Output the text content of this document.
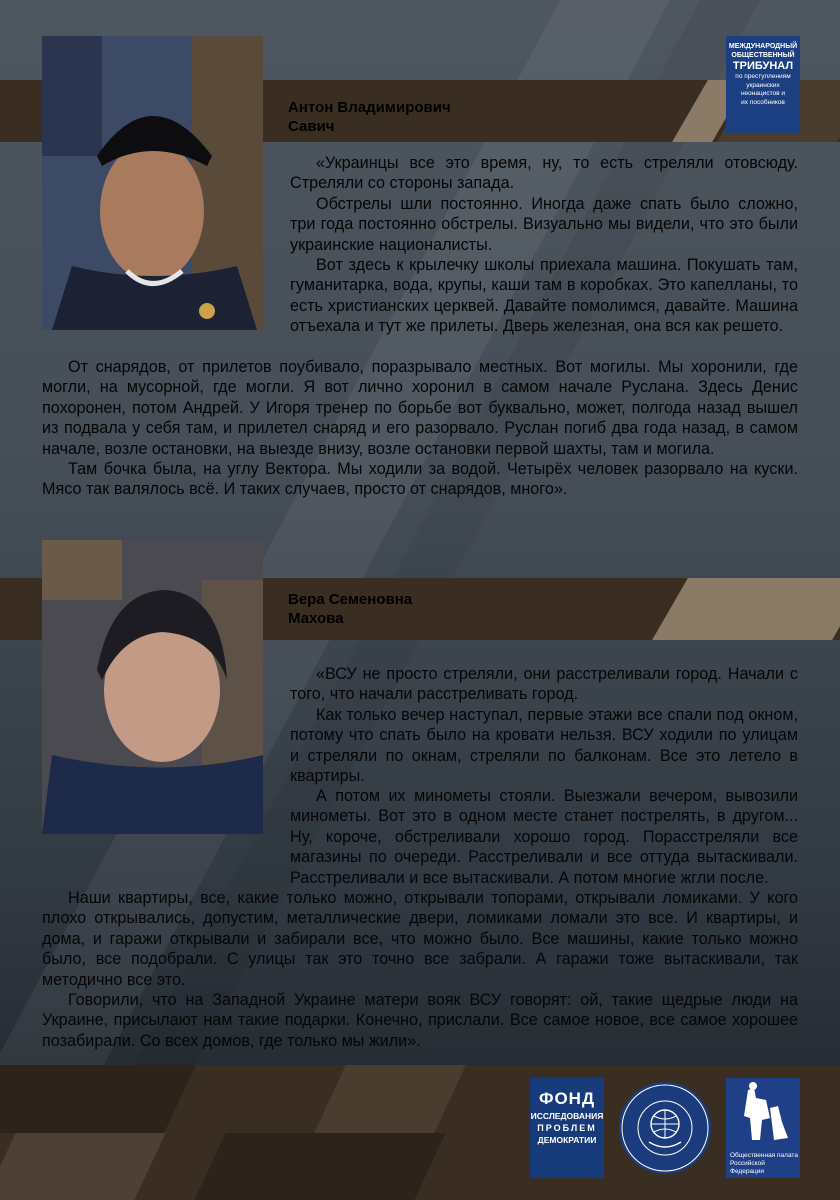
МЕЖДУНАРОДНЫЙ
ОБЩЕСТВЕННЫЙ
ТРИБУНАЛ
по преступлениям
украинских
неонацистов и
их пособников
Антон Владимирович
Савич

«Украинцы все это время, ну, то есть стреляли отовсюду. Стреляли со стороны запада.

Обстрелы шли постоянно. Иногда даже спать было сложно, три года постоянно обстрелы. Визуально мы видели, что это были украинские националисты.

Вот здесь к крылечку школы приехала машина. Покушать там, гуманитарка, вода, крупы, каши там в коробках. Это капелланы, то есть христианских церквей. Давайте помолимся, давайте. Машина отъехала и тут же прилеты. Дверь железная, она вся как решето.

От снарядов, от прилетов поубивало, поразрывало местных. Вот могилы. Мы хоронили, где могли, на мусорной, где могли. Я вот лично хоронил в самом начале Руслана. Здесь Денис похоронен, потом Андрей. У Игоря тренер по борьбе вот буквально, может, полгода назад вышел из подвала у себя там, и прилетел снаряд и его разорвало. Руслан погиб два года назад, в самом начале, возле остановки, на выезде внизу, возле остановки первой шахты, там и могила.

Там бочка была, на углу Вектора. Мы ходили за водой. Четырёх человек разорвало на куски. Мясо так валялось всё. И таких случаев, просто от снарядов, много».

Вера Семеновна
Махова

«ВСУ не просто стреляли, они расстреливали город. Начали с того, что начали расстреливать город.

Как только вечер наступал, первые этажи все спали под окном, потому что спать было на кровати нельзя. ВСУ ходили по улицам и стреляли по окнам, стреляли по балконам. Все это летело в квартиры.

А потом их минометы стояли. Выезжали вечером, вывозили минометы. Вот это в одном месте станет пострелять, в другом... Ну, короче, обстреливали хорошо город. Порасстреляли все магазины по очереди. Расстреливали и все оттуда вытаскивали. Расстреливали и все вытаскивали. А потом многие жгли после.

Наши квартиры, все, какие только можно, открывали топорами, открывали ломиками. У кого плохо открывались, допустим, металлические двери, ломиками ломали это все. И квартиры, и дома, и гаражи открывали и забирали все, что можно было. Все машины, какие только можно было, все подобрали. С улицы так это точно все забрали. А гаражи тоже вытаскивали, так методично все это.

Говорили, что на Западной Украине матери вояк ВСУ говорят: ой, такие щедрые люди на Украине, присылают нам такие подарки. Конечно, прислали. Все самое новое, все самое хорошее позабирали. Со всех домов, где только мы жили».

ФОНД
ИССЛЕДОВАНИЯ
ПРОБЛЕМ
ДЕМОКРАТИИ
Общественная палата
Российской Федерации
